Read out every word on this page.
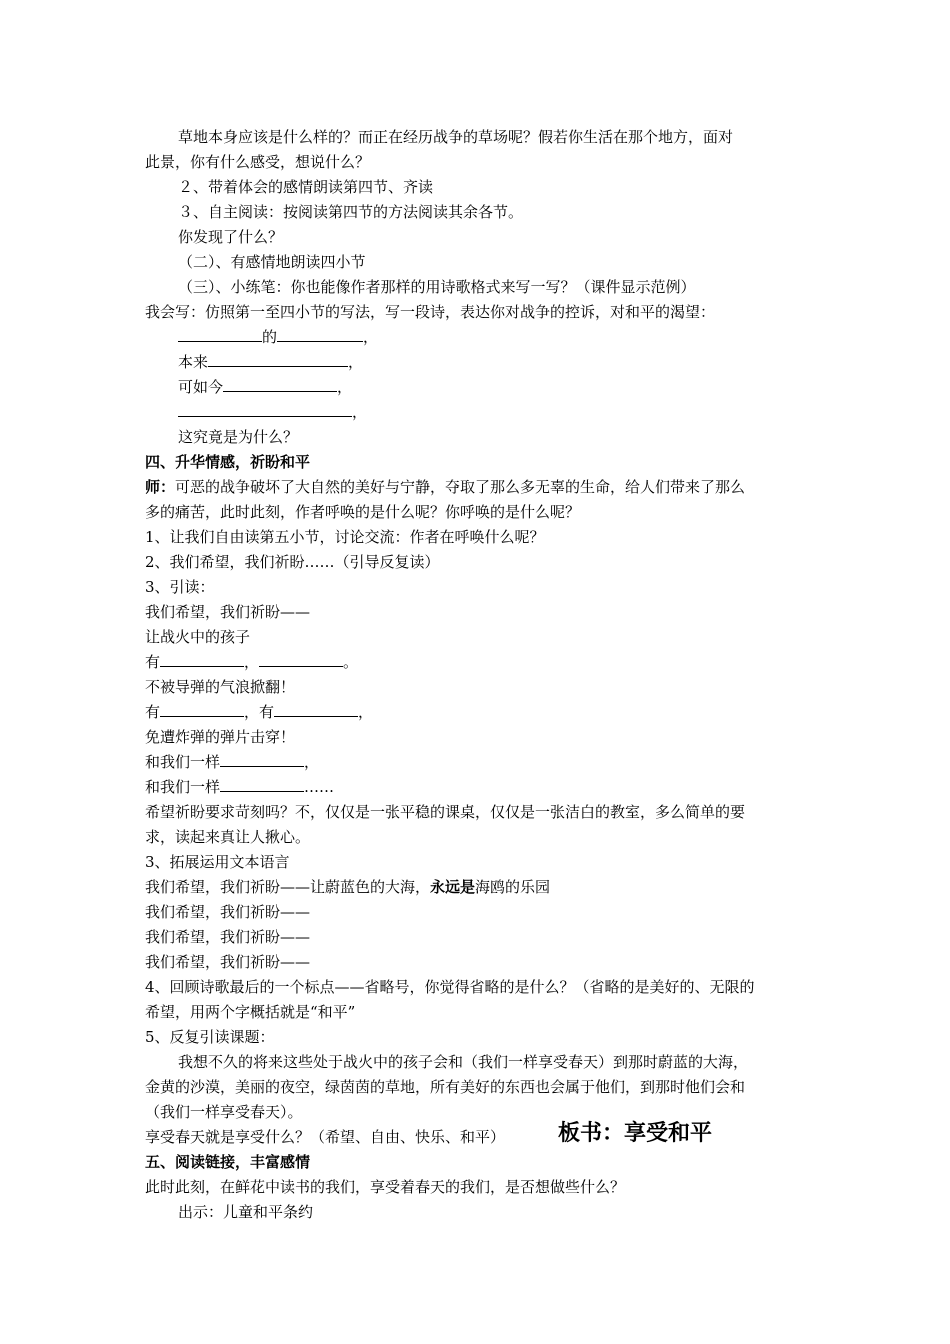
草地本身应该是什么样的？而正在经历战争的草场呢？假若你生活在那个地方，面对
此景，你有什么感受，想说什么？
２、带着体会的感情朗读第四节、齐读
３、自主阅读：按阅读第四节的方法阅读其余各节。
你发现了什么？
（二）、有感情地朗读四小节
（三）、小练笔：你也能像作者那样的用诗歌格式来写一写？（课件显示范例）
我会写：仿照第一至四小节的写法，写一段诗，表达你对战争的控诉，对和平的渴望：
的	，
本来	，
可如今	，
，
这究竟是为什么？
四、升华情感，祈盼和平
师：可恶的战争破坏了大自然的美好与宁静，夺取了那么多无辜的生命，给人们带来了那么
多的痛苦，此时此刻，作者呼唤的是什么呢？你呼唤的是什么呢？
1、让我们自由读第五小节，讨论交流：作者在呼唤什么呢？
2、我们希望，我们祈盼……（引导反复读）
3、引读：
我们希望，我们祈盼——
让战火中的孩子
有	，	。
不被导弹的气浪掀翻！
有	，有	，
免遭炸弹的弹片击穿！
和我们一样	，
和我们一样	……
希望祈盼要求苛刻吗？不，仅仅是一张平稳的课桌，仅仅是一张洁白的教室，多么简单的要
求，读起来真让人揪心。
3、拓展运用文本语言
我们希望，我们祈盼——让蔚蓝色的大海，永远是海鸥的乐园
我们希望，我们祈盼——
我们希望，我们祈盼——
我们希望，我们祈盼——
4、回顾诗歌最后的一个标点——省略号，你觉得省略的是什么？（省略的是美好的、无限的
希望，用两个字概括就是“和平”
5、反复引读课题：
我想不久的将来这些处于战火中的孩子会和（我们一样享受春天）到那时蔚蓝的大海，
金黄的沙漠，美丽的夜空，绿茵茵的草地，所有美好的东西也会属于他们，到那时他们会和
（我们一样享受春天）。
享受春天就是享受什么？（希望、自由、快乐、和平） 板书：享受和平
五、阅读链接，丰富感情
此时此刻，在鲜花中读书的我们，享受着春天的我们，是否想做些什么？
出示：儿童和平条约
